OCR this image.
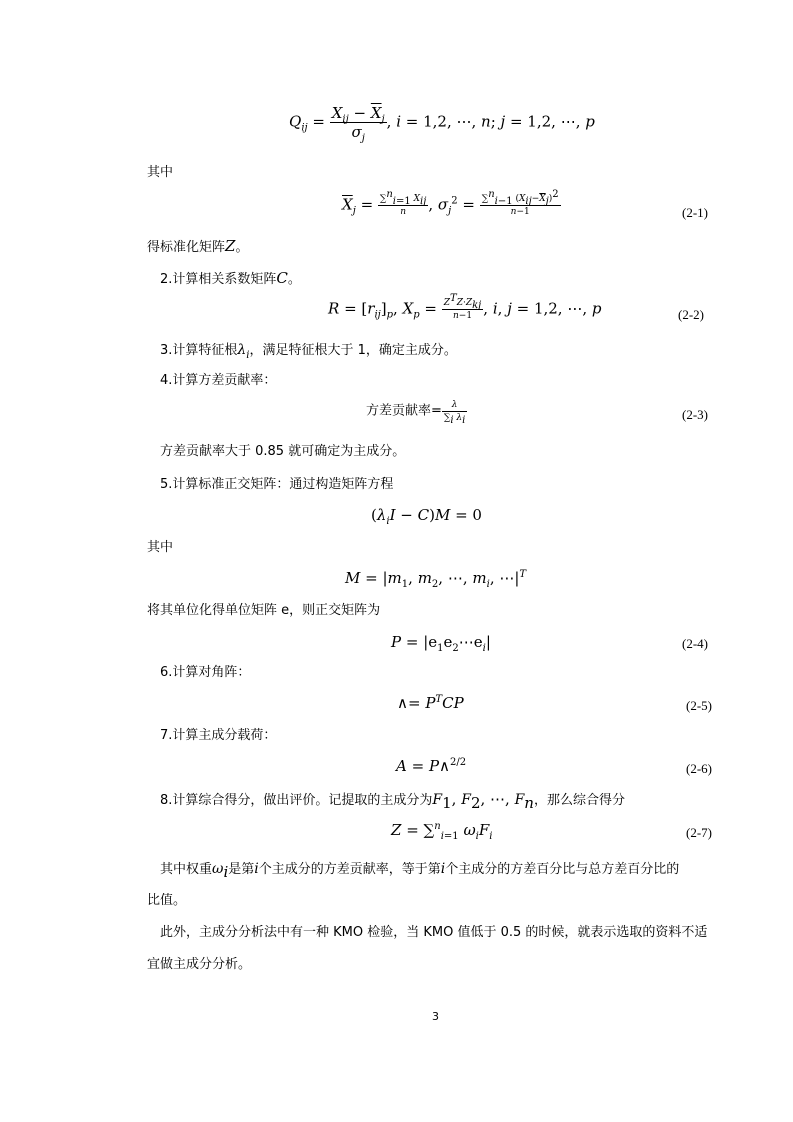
$Q_{ij} = \frac{X_{ij} - \overline{X}_j}{\sigma_j}$ , i = 1,2, ⋯, n; j = 1,2, ⋯, p
其中
$\overline{X}_j = \frac{\sum^n_{i=1} X_{ij}}{n}$ , $\sigma_j^2 = \frac{\sum^n_{i-1} (X_{ij}-\overline{X}_j)^2}{n-1}$	(2-1)
得标准化矩阵Z。
2.计算相关系数矩阵C。
$R = [r_{ij}]_p$, $X_p = \frac{Z^TZ\cdot Z_{kj}}{n-1}$ , i, j = 1,2, ⋯, p	(2-2)
3.计算特征根$\lambda_i$，满足特征根大于 1，确定主成分。
4.计算方差贡献率：
方差贡献率= $\frac{\lambda}{\sum_i \lambda_i}$	(2-3)
方差贡献率大于 0.85 就可确定为主成分。
5.计算标准正交矩阵：通过构造矩阵方程
$(\lambda_iI - C)M = 0$
其中
$M = |m_1$, $m_2$, ⋯, $m_i$, $\cdots|^T$
将其单位化得单位矩阵 e，则正交矩阵为
$P = |e_1e_2\cdots e_i|$	(2-4)
6.计算对角阵：
∧= $P^TCP$	(2-5)
7.计算主成分载荷：
A = P∧$^{2/2}$	(2-6)
8.计算综合得分，做出评价。记提取的主成分为$F_1$, $F_2$, ⋯, $F_n$，那么综合得分
Z = ∑$^n_{i=1}$ $\omega_iF_i$	(2-7)
其中权重$\omega_i$是第i个主成分的方差贡献率，等于第i个主成分的方差百分比与总方差百分比的
比值。
此外，主成分分析法中有一种 KMO 检验，当 KMO 值低于 0.5 的时候，就表示选取的资料不适
宜做主成分分析。
3
